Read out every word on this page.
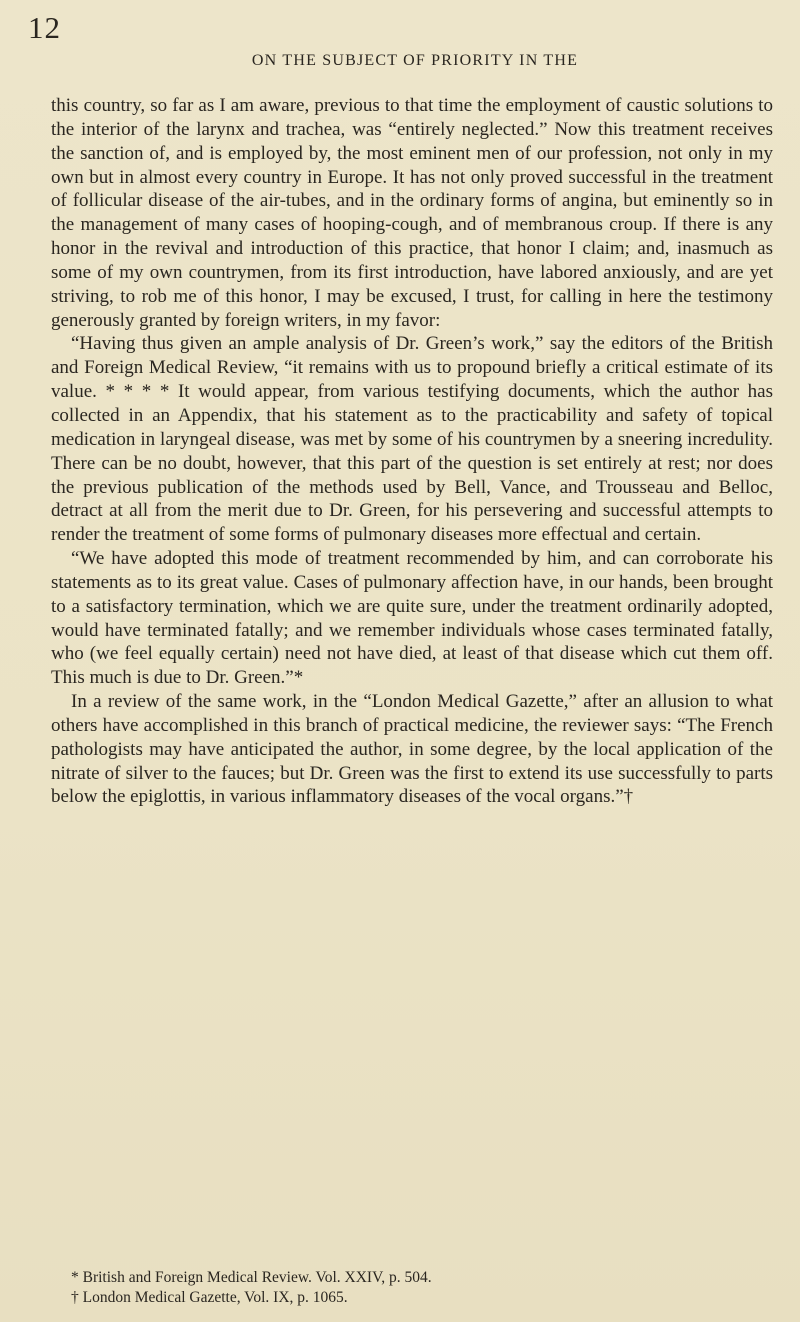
12
ON THE SUBJECT OF PRIORITY IN THE

this country, so far as I am aware, previous to that time the employment of caustic solutions to the interior of the larynx and trachea, was “entirely neglected.” Now this treatment receives the sanction of, and is employed by, the most eminent men of our profession, not only in my own but in almost every country in Europe. It has not only proved successful in the treatment of follicular disease of the air-tubes, and in the ordinary forms of angina, but eminently so in the management of many cases of hooping-cough, and of membranous croup. If there is any honor in the revival and introduction of this practice, that honor I claim; and, inasmuch as some of my own countrymen, from its first introduction, have labored anxiously, and are yet striving, to rob me of this honor, I may be excused, I trust, for calling in here the testimony generously granted by foreign writers, in my favor:

“Having thus given an ample analysis of Dr. Green’s work,” say the editors of the British and Foreign Medical Review, “it remains with us to propound briefly a critical estimate of its value. * * * * It would appear, from various testifying documents, which the author has collected in an Appendix, that his statement as to the practicability and safety of topical medication in laryngeal disease, was met by some of his countrymen by a sneering incredulity. There can be no doubt, however, that this part of the question is set entirely at rest; nor does the previous publication of the methods used by Bell, Vance, and Trousseau and Belloc, detract at all from the merit due to Dr. Green, for his persevering and successful attempts to render the treatment of some forms of pulmonary diseases more effectual and certain.

“We have adopted this mode of treatment recommended by him, and can corroborate his statements as to its great value. Cases of pulmonary affection have, in our hands, been brought to a satisfactory termination, which we are quite sure, under the treatment ordinarily adopted, would have terminated fatally; and we remember individuals whose cases terminated fatally, who (we feel equally certain) need not have died, at least of that disease which cut them off. This much is due to Dr. Green.”*

In a review of the same work, in the “London Medical Gazette,” after an allusion to what others have accomplished in this branch of practical medicine, the reviewer says: “The French pathologists may have anticipated the author, in some degree, by the local application of the nitrate of silver to the fauces; but Dr. Green was the first to extend its use successfully to parts below the epiglottis, in various inflammatory diseases of the vocal organs.”†

* British and Foreign Medical Review. Vol. XXIV, p. 504.

† London Medical Gazette, Vol. IX, p. 1065.
